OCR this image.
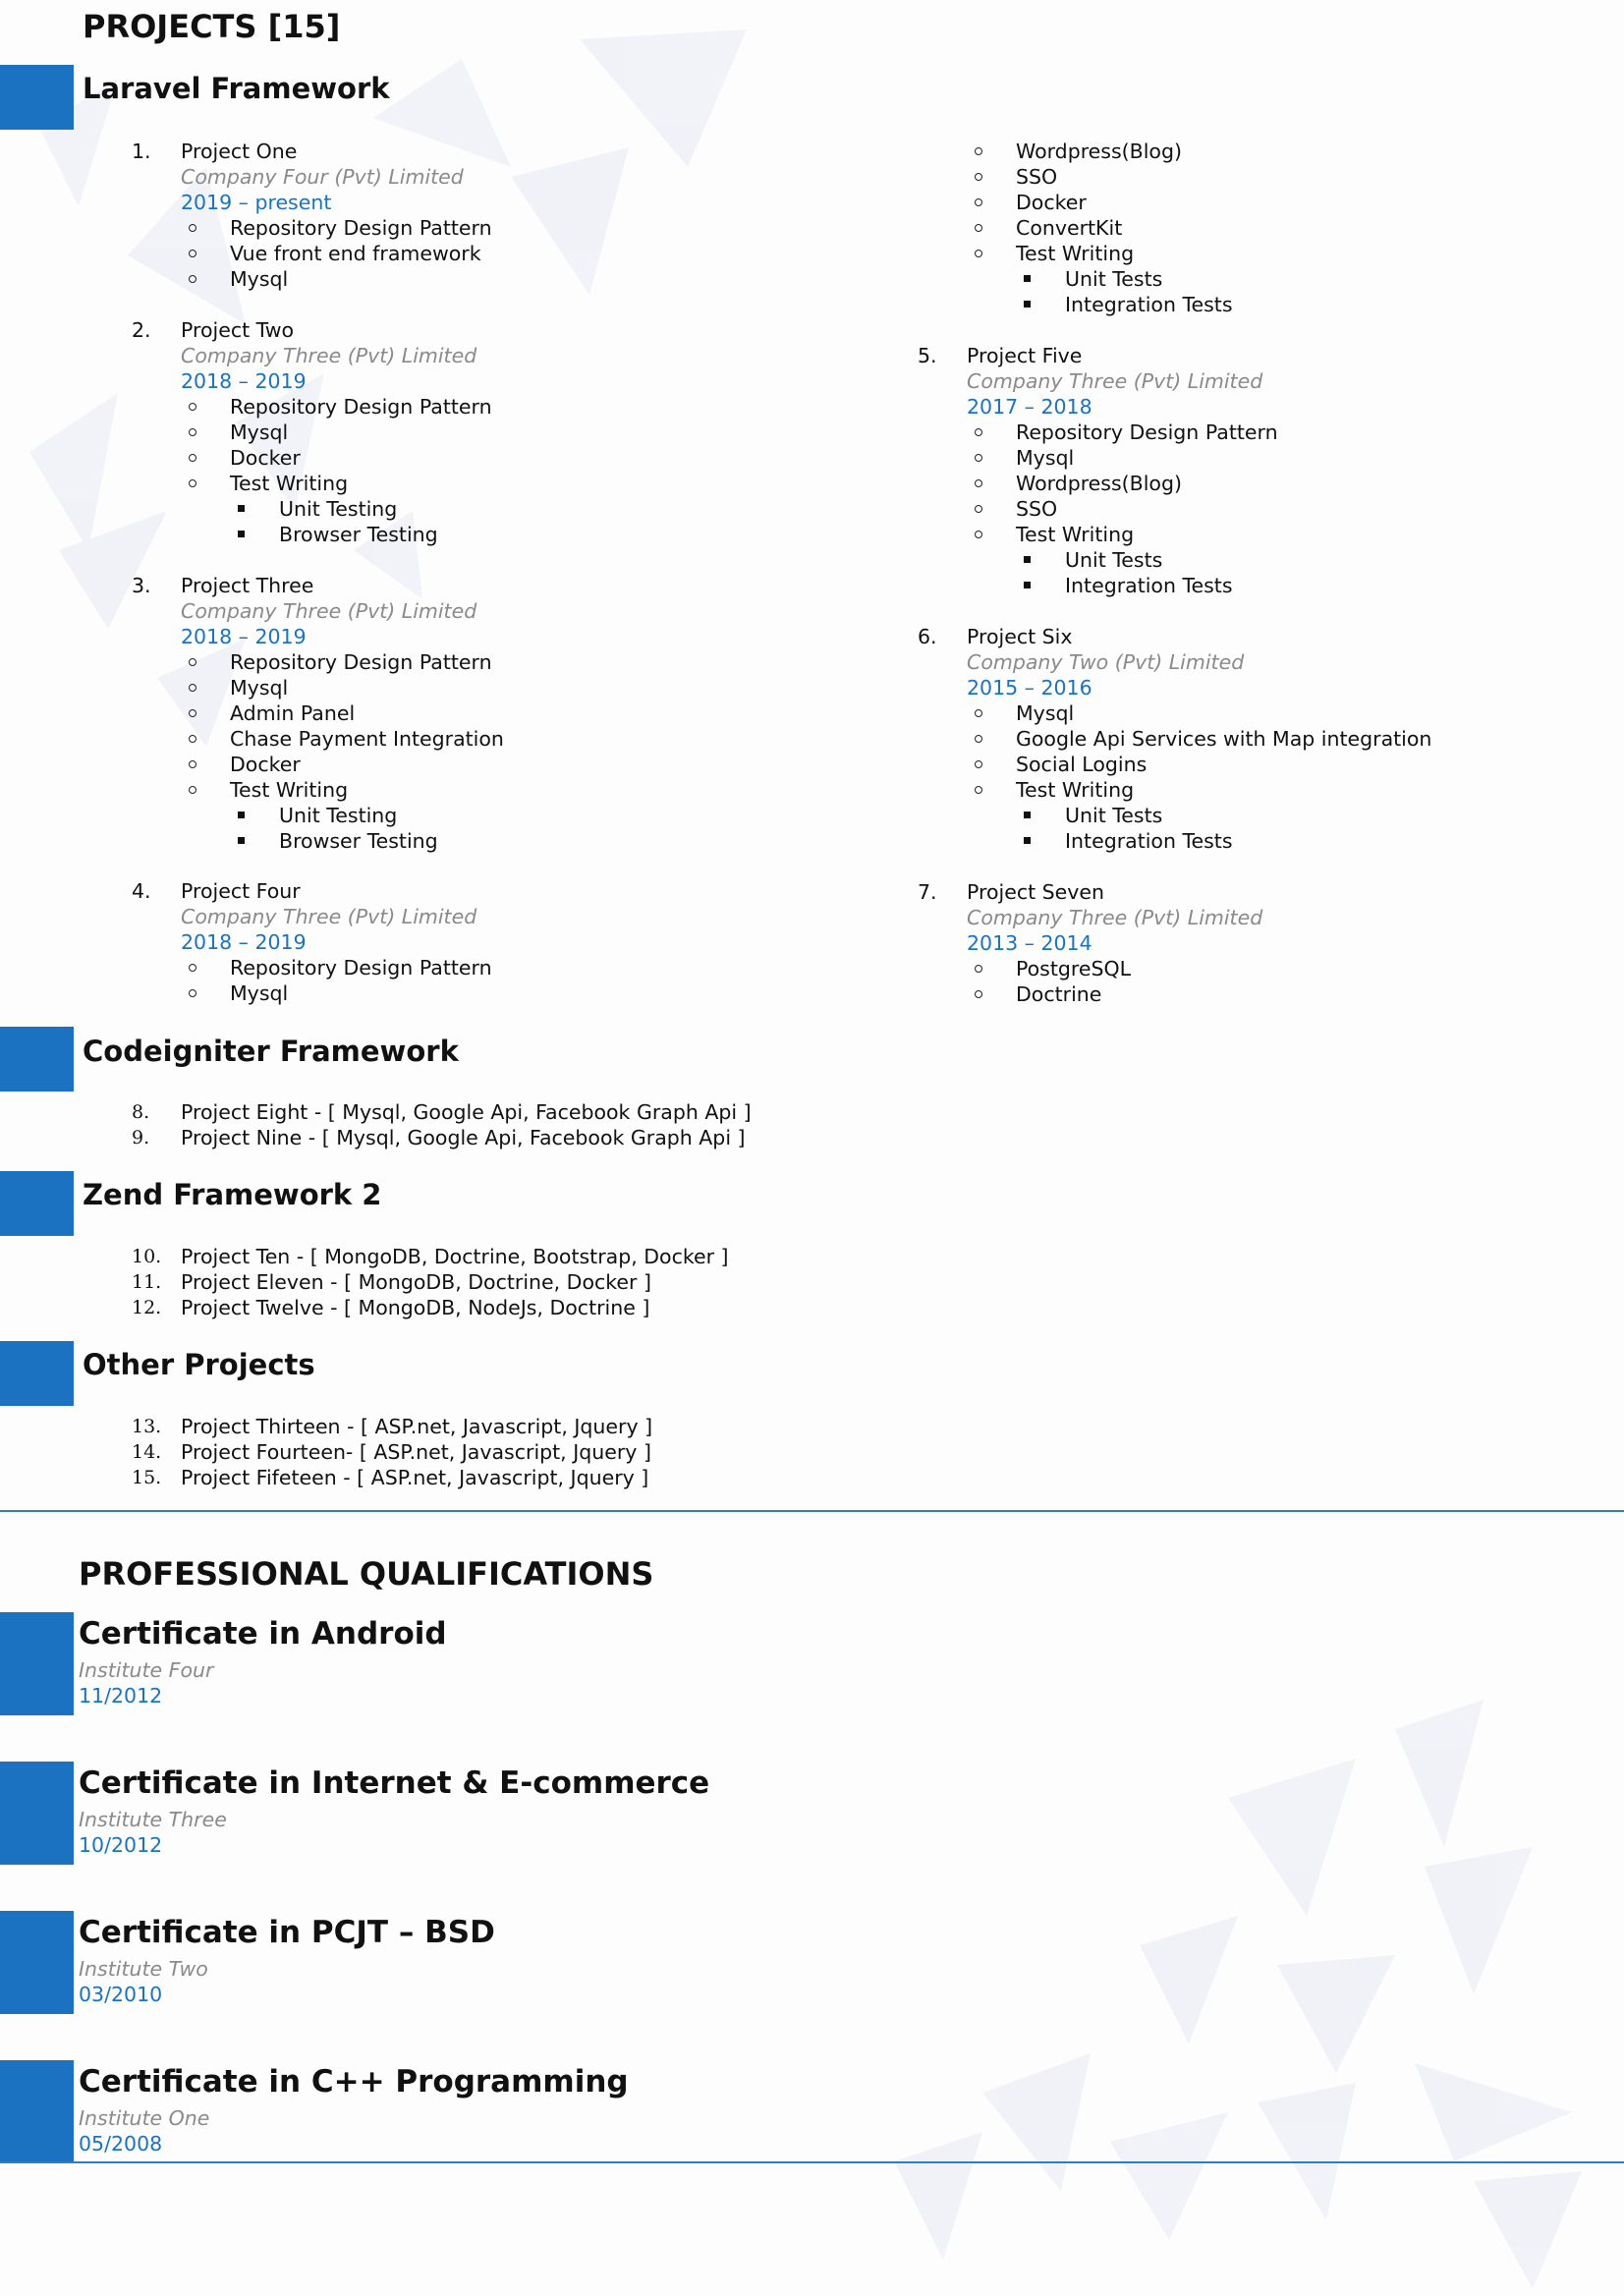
PROJECTS [15]
Laravel Framework
1. Project One
Company Four (Pvt) Limited
2019 – present
Repository Design Pattern
Vue front end framework
Mysql
2. Project Two
Company Three (Pvt) Limited
2018 – 2019
Repository Design Pattern
Mysql
Docker
Test Writing
Unit Testing
Browser Testing
3. Project Three
Company Three (Pvt) Limited
2018 – 2019
Repository Design Pattern
Mysql
Admin Panel
Chase Payment Integration
Docker
Test Writing
Unit Testing
Browser Testing
4. Project Four
Company Three (Pvt) Limited
2018 – 2019
Repository Design Pattern
Mysql
Wordpress(Blog)
SSO
Docker
ConvertKit
Test Writing
Unit Tests
Integration Tests
5. Project Five
Company Three (Pvt) Limited
2017 – 2018
Repository Design Pattern
Mysql
Wordpress(Blog)
SSO
Test Writing
Unit Tests
Integration Tests
6. Project Six
Company Two (Pvt) Limited
2015 – 2016
Mysql
Google Api Services with Map integration
Social Logins
Test Writing
Unit Tests
Integration Tests
7. Project Seven
Company Three (Pvt) Limited
2013 – 2014
PostgreSQL
Doctrine
Codeigniter Framework
8. Project Eight - [ Mysql, Google Api, Facebook Graph Api ]
9. Project Nine - [ Mysql, Google Api, Facebook Graph Api ]
Zend Framework 2
10. Project Ten - [ MongoDB, Doctrine, Bootstrap, Docker ]
11. Project Eleven - [ MongoDB, Doctrine, Docker ]
12. Project Twelve - [ MongoDB, NodeJs, Doctrine ]
Other Projects
13. Project Thirteen - [ ASP.net, Javascript, Jquery ]
14. Project Fourteen- [ ASP.net, Javascript, Jquery ]
15. Project Fifeteen - [ ASP.net, Javascript, Jquery ]
PROFESSIONAL QUALIFICATIONS
Certificate in Android
Institute Four
11/2012
Certificate in Internet & E-commerce
Institute Three
10/2012
Certificate in PCJT – BSD
Institute Two
03/2010
Certificate in C++ Programming
Institute One
05/2008
